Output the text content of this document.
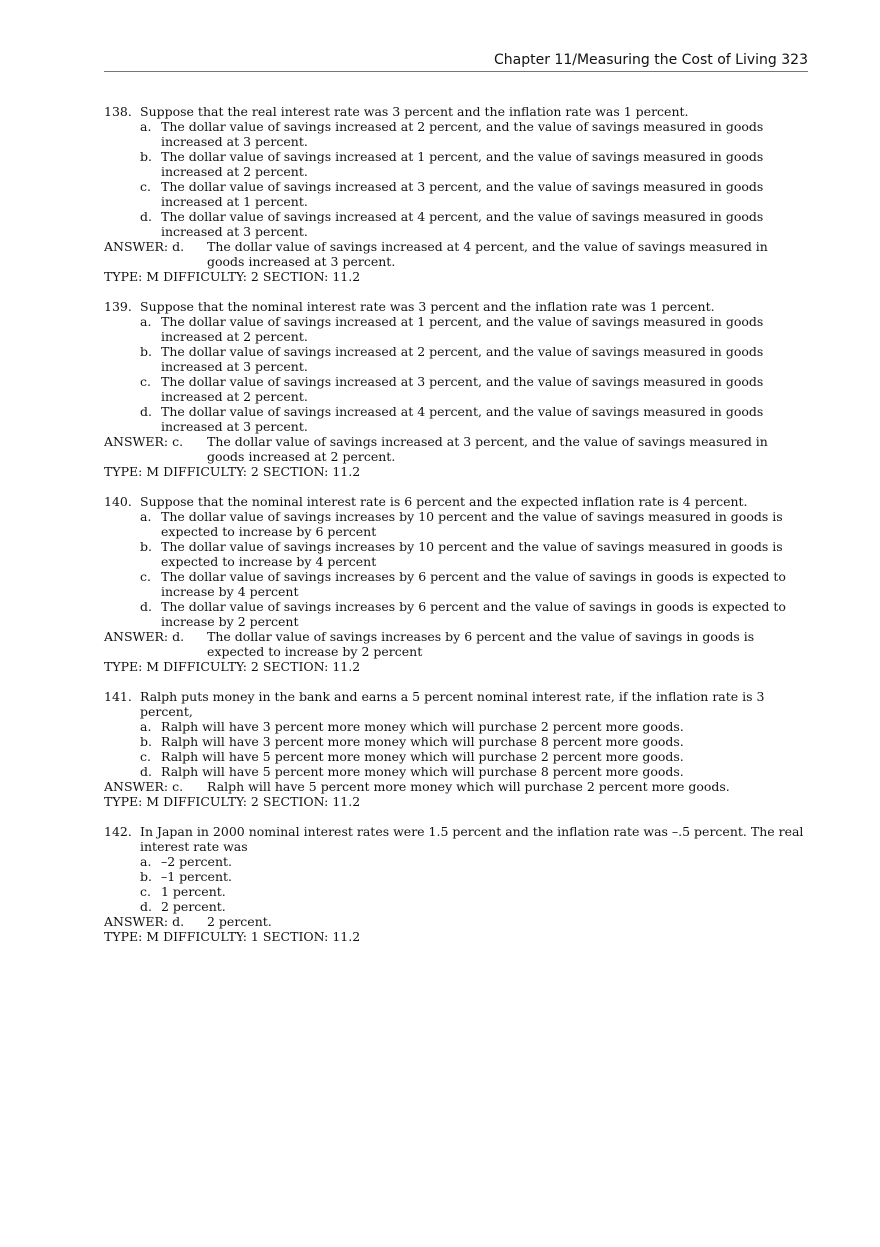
Chapter 11/Measuring the Cost of Living 323
138. Suppose that the real interest rate was 3 percent and the inflation rate was 1 percent.
a. The dollar value of savings increased at 2 percent, and the value of savings measured in goods increased at 3 percent.
b. The dollar value of savings increased at 1 percent, and the value of savings measured in goods increased at 2 percent.
c. The dollar value of savings increased at 3 percent, and the value of savings measured in goods increased at 1 percent.
d. The dollar value of savings increased at 4 percent, and the value of savings measured in goods increased at 3 percent.
ANSWER: d.	The dollar value of savings increased at 4 percent, and the value of savings measured in goods increased at 3 percent.
TYPE: M DIFFICULTY: 2 SECTION: 11.2
139. Suppose that the nominal interest rate was 3 percent and the inflation rate was 1 percent.
a. The dollar value of savings increased at 1 percent, and the value of savings measured in goods increased at 2 percent.
b. The dollar value of savings increased at 2 percent, and the value of savings measured in goods increased at 3 percent.
c. The dollar value of savings increased at 3 percent, and the value of savings measured in goods increased at 2 percent.
d. The dollar value of savings increased at 4 percent, and the value of savings measured in goods increased at 3 percent.
ANSWER: c.	The dollar value of savings increased at 3 percent, and the value of savings measured in goods increased at 2 percent.
TYPE: M DIFFICULTY: 2 SECTION: 11.2
140. Suppose that the nominal interest rate is 6 percent and the expected inflation rate is 4 percent.
a. The dollar value of savings increases by 10 percent and the value of savings measured in goods is expected to increase by 6 percent
b. The dollar value of savings increases by 10 percent and the value of savings measured in goods is expected to increase by 4 percent
c. The dollar value of savings increases by 6 percent and the value of savings in goods is expected to increase by 4 percent
d. The dollar value of savings increases by 6 percent and the value of savings in goods is expected to increase by 2 percent
ANSWER: d.	The dollar value of savings increases by 6 percent and the value of savings in goods is expected to increase by 2 percent
TYPE: M DIFFICULTY: 2 SECTION: 11.2
141. Ralph puts money in the bank and earns a 5 percent nominal interest rate, if the inflation rate is 3 percent,
a. Ralph will have 3 percent more money which will purchase 2 percent more goods.
b. Ralph will have 3 percent more money which will purchase 8 percent more goods.
c. Ralph will have 5 percent more money which will purchase 2 percent more goods.
d. Ralph will have 5 percent more money which will purchase 8 percent more goods.
ANSWER: c.	Ralph will have 5 percent more money which will purchase 2 percent more goods.
TYPE: M DIFFICULTY: 2 SECTION: 11.2
142. In Japan in 2000 nominal interest rates were 1.5 percent and the inflation rate was –.5 percent. The real interest rate was
a. –2 percent.
b. –1 percent.
c. 1 percent.
d. 2 percent.
ANSWER: d.	2 percent.
TYPE: M DIFFICULTY: 1 SECTION: 11.2
